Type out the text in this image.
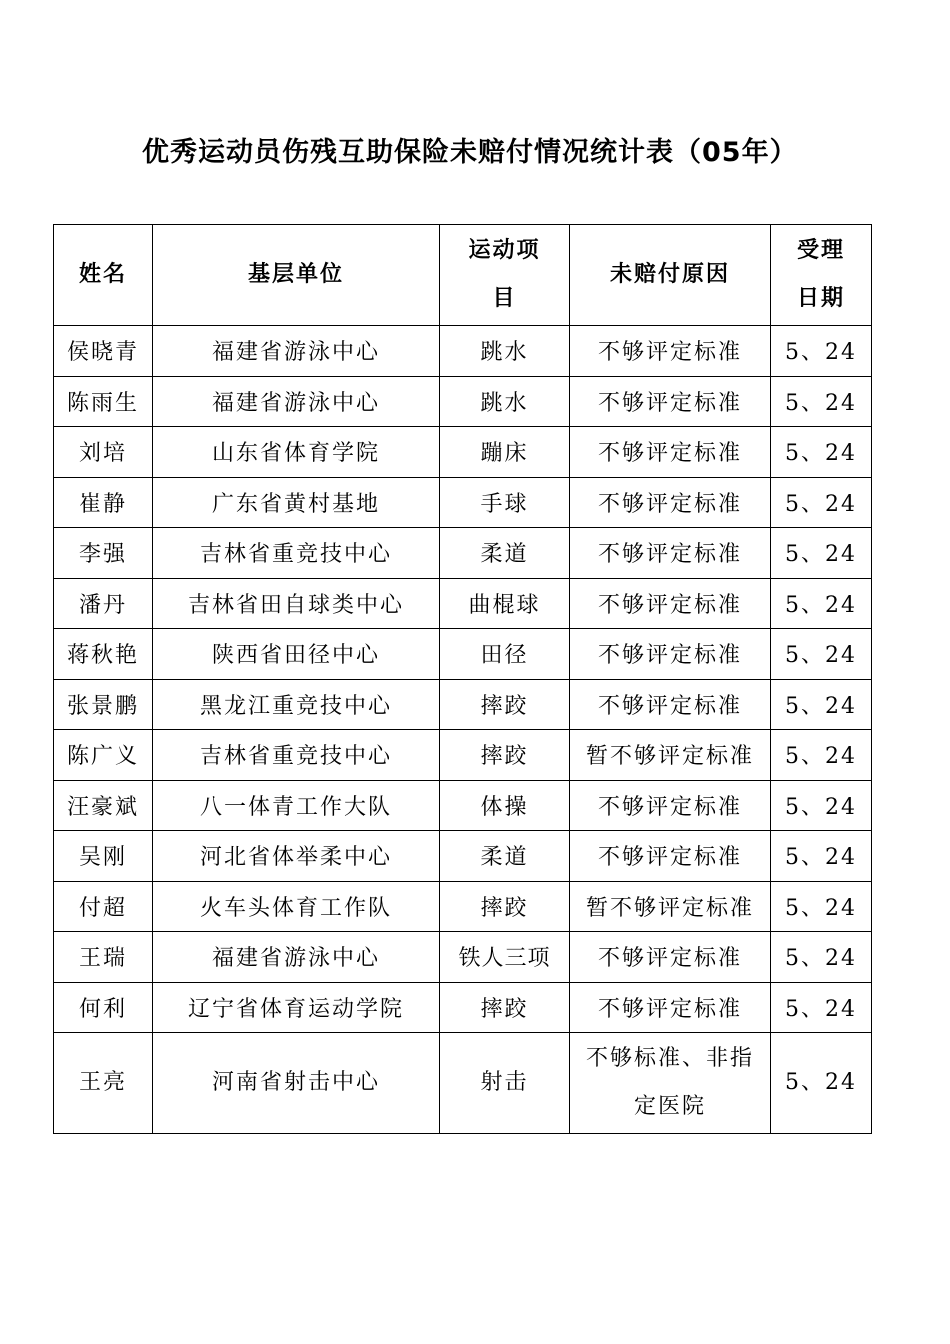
优秀运动员伤残互助保险未赔付情况统计表（05年）
姓名	基层单位	运动项目	未赔付原因	受理日期
侯晓青	福建省游泳中心	跳水	不够评定标准	5、24
陈雨生	福建省游泳中心	跳水	不够评定标准	5、24
刘培	山东省体育学院	蹦床	不够评定标准	5、24
崔静	广东省黄村基地	手球	不够评定标准	5、24
李强	吉林省重竞技中心	柔道	不够评定标准	5、24
潘丹	吉林省田自球类中心	曲棍球	不够评定标准	5、24
蒋秋艳	陕西省田径中心	田径	不够评定标准	5、24
张景鹏	黑龙江重竞技中心	摔跤	不够评定标准	5、24
陈广义	吉林省重竞技中心	摔跤	暂不够评定标准	5、24
汪豪斌	八一体青工作大队	体操	不够评定标准	5、24
吴刚	河北省体举柔中心	柔道	不够评定标准	5、24
付超	火车头体育工作队	摔跤	暂不够评定标准	5、24
王瑞	福建省游泳中心	铁人三项	不够评定标准	5、24
何利	辽宁省体育运动学院	摔跤	不够评定标准	5、24
王亮	河南省射击中心	射击	不够标准、非指定医院	5、24
